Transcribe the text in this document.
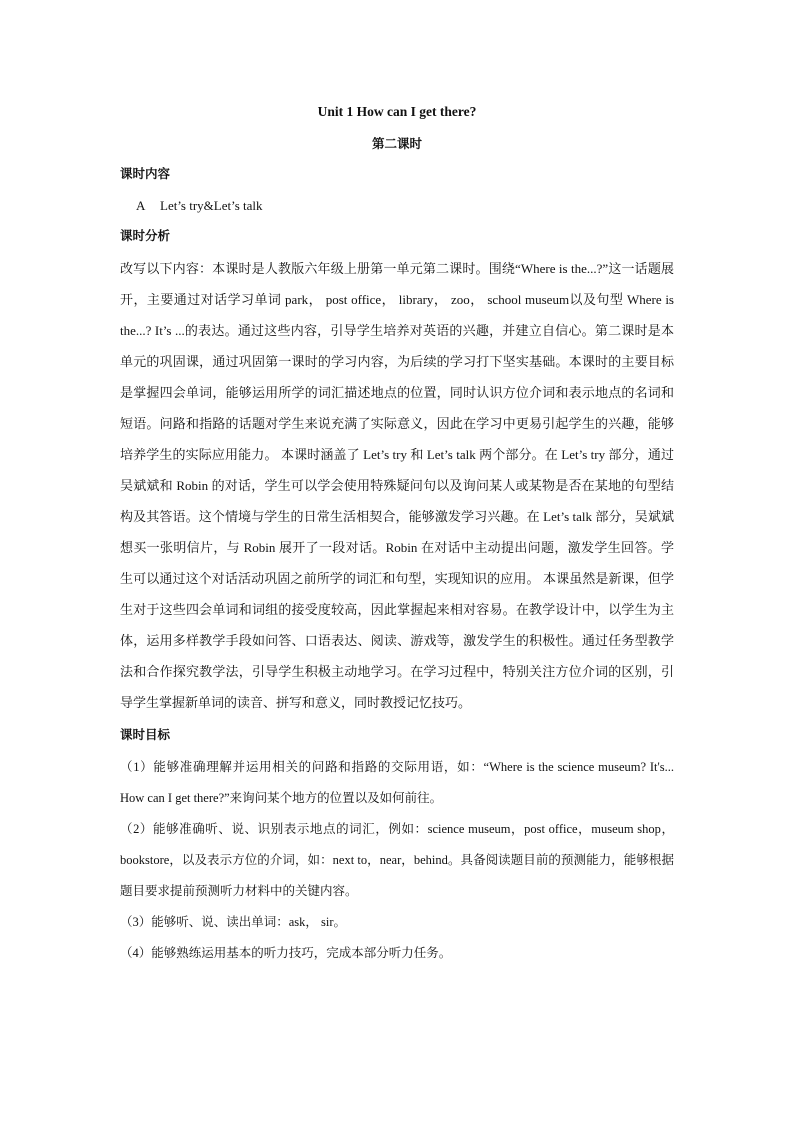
Unit 1 How can I get there?
第二课时
课时内容

A Let’s try&Let’s talk

课时分析

改写以下内容：本课时是人教版六年级上册第一单元第二课时。围绕“Where is the...?”这一话题展开，主要通过对话学习单词 park， post office， library， zoo， school museum以及句型 Where is the...? It’s ...的表达。通过这些内容，引导学生培养对英语的兴趣，并建立自信心。第二课时是本单元的巩固课，通过巩固第一课时的学习内容，为后续的学习打下坚实基础。本课时的主要目标是掌握四会单词，能够运用所学的词汇描述地点的位置，同时认识方位介词和表示地点的名词和短语。问路和指路的话题对学生来说充满了实际意义，因此在学习中更易引起学生的兴趣，能够培养学生的实际应用能力。 本课时涵盖了 Let’s try 和 Let’s talk 两个部分。在 Let’s try 部分，通过吴斌斌和 Robin 的对话，学生可以学会使用特殊疑问句以及询问某人或某物是否在某地的句型结构及其答语。这个情境与学生的日常生活相契合，能够激发学习兴趣。在 Let’s talk 部分，吴斌斌想买一张明信片，与 Robin 展开了一段对话。Robin 在对话中主动提出问题，激发学生回答。学生可以通过这个对话活动巩固之前所学的词汇和句型，实现知识的应用。 本课虽然是新课，但学生对于这些四会单词和词组的接受度较高，因此掌握起来相对容易。在教学设计中，以学生为主体，运用多样教学手段如问答、口语表达、阅读、游戏等，激发学生的积极性。通过任务型教学法和合作探究教学法，引导学生积极主动地学习。在学习过程中，特别关注方位介词的区别，引导学生掌握新单词的读音、拼写和意义，同时教授记忆技巧。

课时目标
（1）能够准确理解并运用相关的问路和指路的交际用语，如：“Where is the science museum? It's... How can I get there?”来询问某个地方的位置以及如何前往。
（2）能够准确听、说、识别表示地点的词汇，例如：science museum，post office，museum shop，bookstore，以及表示方位的介词，如：next to，near，behind。具备阅读题目前的预测能力，能够根据题目要求提前预测听力材料中的关键内容。
（3）能够听、说、读出单词：ask， sir。
（4）能够熟练运用基本的听力技巧，完成本部分听力任务。
